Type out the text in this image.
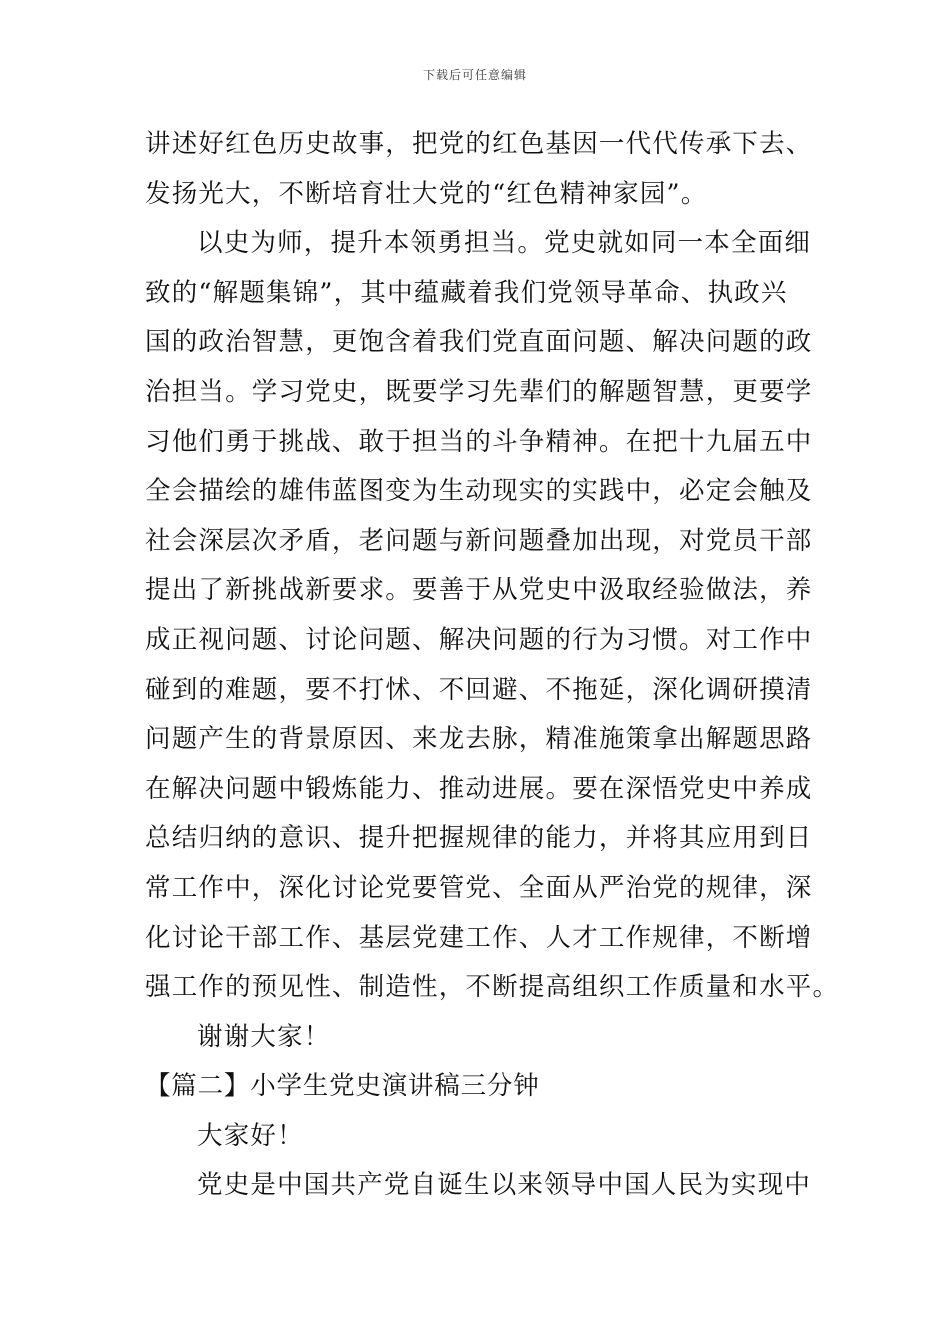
下载后可任意编辑
讲述好红色历史故事，把党的红色基因一代代传承下去、
发扬光大，不断培育壮大党的“红色精神家园”。
以史为师，提升本领勇担当。党史就如同一本全面细
致的“解题集锦”，其中蕴藏着我们党领导革命、执政兴
国的政治智慧，更饱含着我们党直面问题、解决问题的政
治担当。学习党史，既要学习先辈们的解题智慧，更要学
习他们勇于挑战、敢于担当的斗争精神。在把十九届五中
全会描绘的雄伟蓝图变为生动现实的实践中，必定会触及
社会深层次矛盾，老问题与新问题叠加出现，对党员干部
提出了新挑战新要求。要善于从党史中汲取经验做法，养
成正视问题、讨论问题、解决问题的行为习惯。对工作中
碰到的难题，要不打怵、不回避、不拖延，深化调研摸清
问题产生的背景原因、来龙去脉，精准施策拿出解题思路
在解决问题中锻炼能力、推动进展。要在深悟党史中养成
总结归纳的意识、提升把握规律的能力，并将其应用到日
常工作中，深化讨论党要管党、全面从严治党的规律，深
化讨论干部工作、基层党建工作、人才工作规律，不断增
强工作的预见性、制造性，不断提高组织工作质量和水平。
谢谢大家！
【篇二】小学生党史演讲稿三分钟
大家好！
党史是中国共产党自诞生以来领导中国人民为实现中
